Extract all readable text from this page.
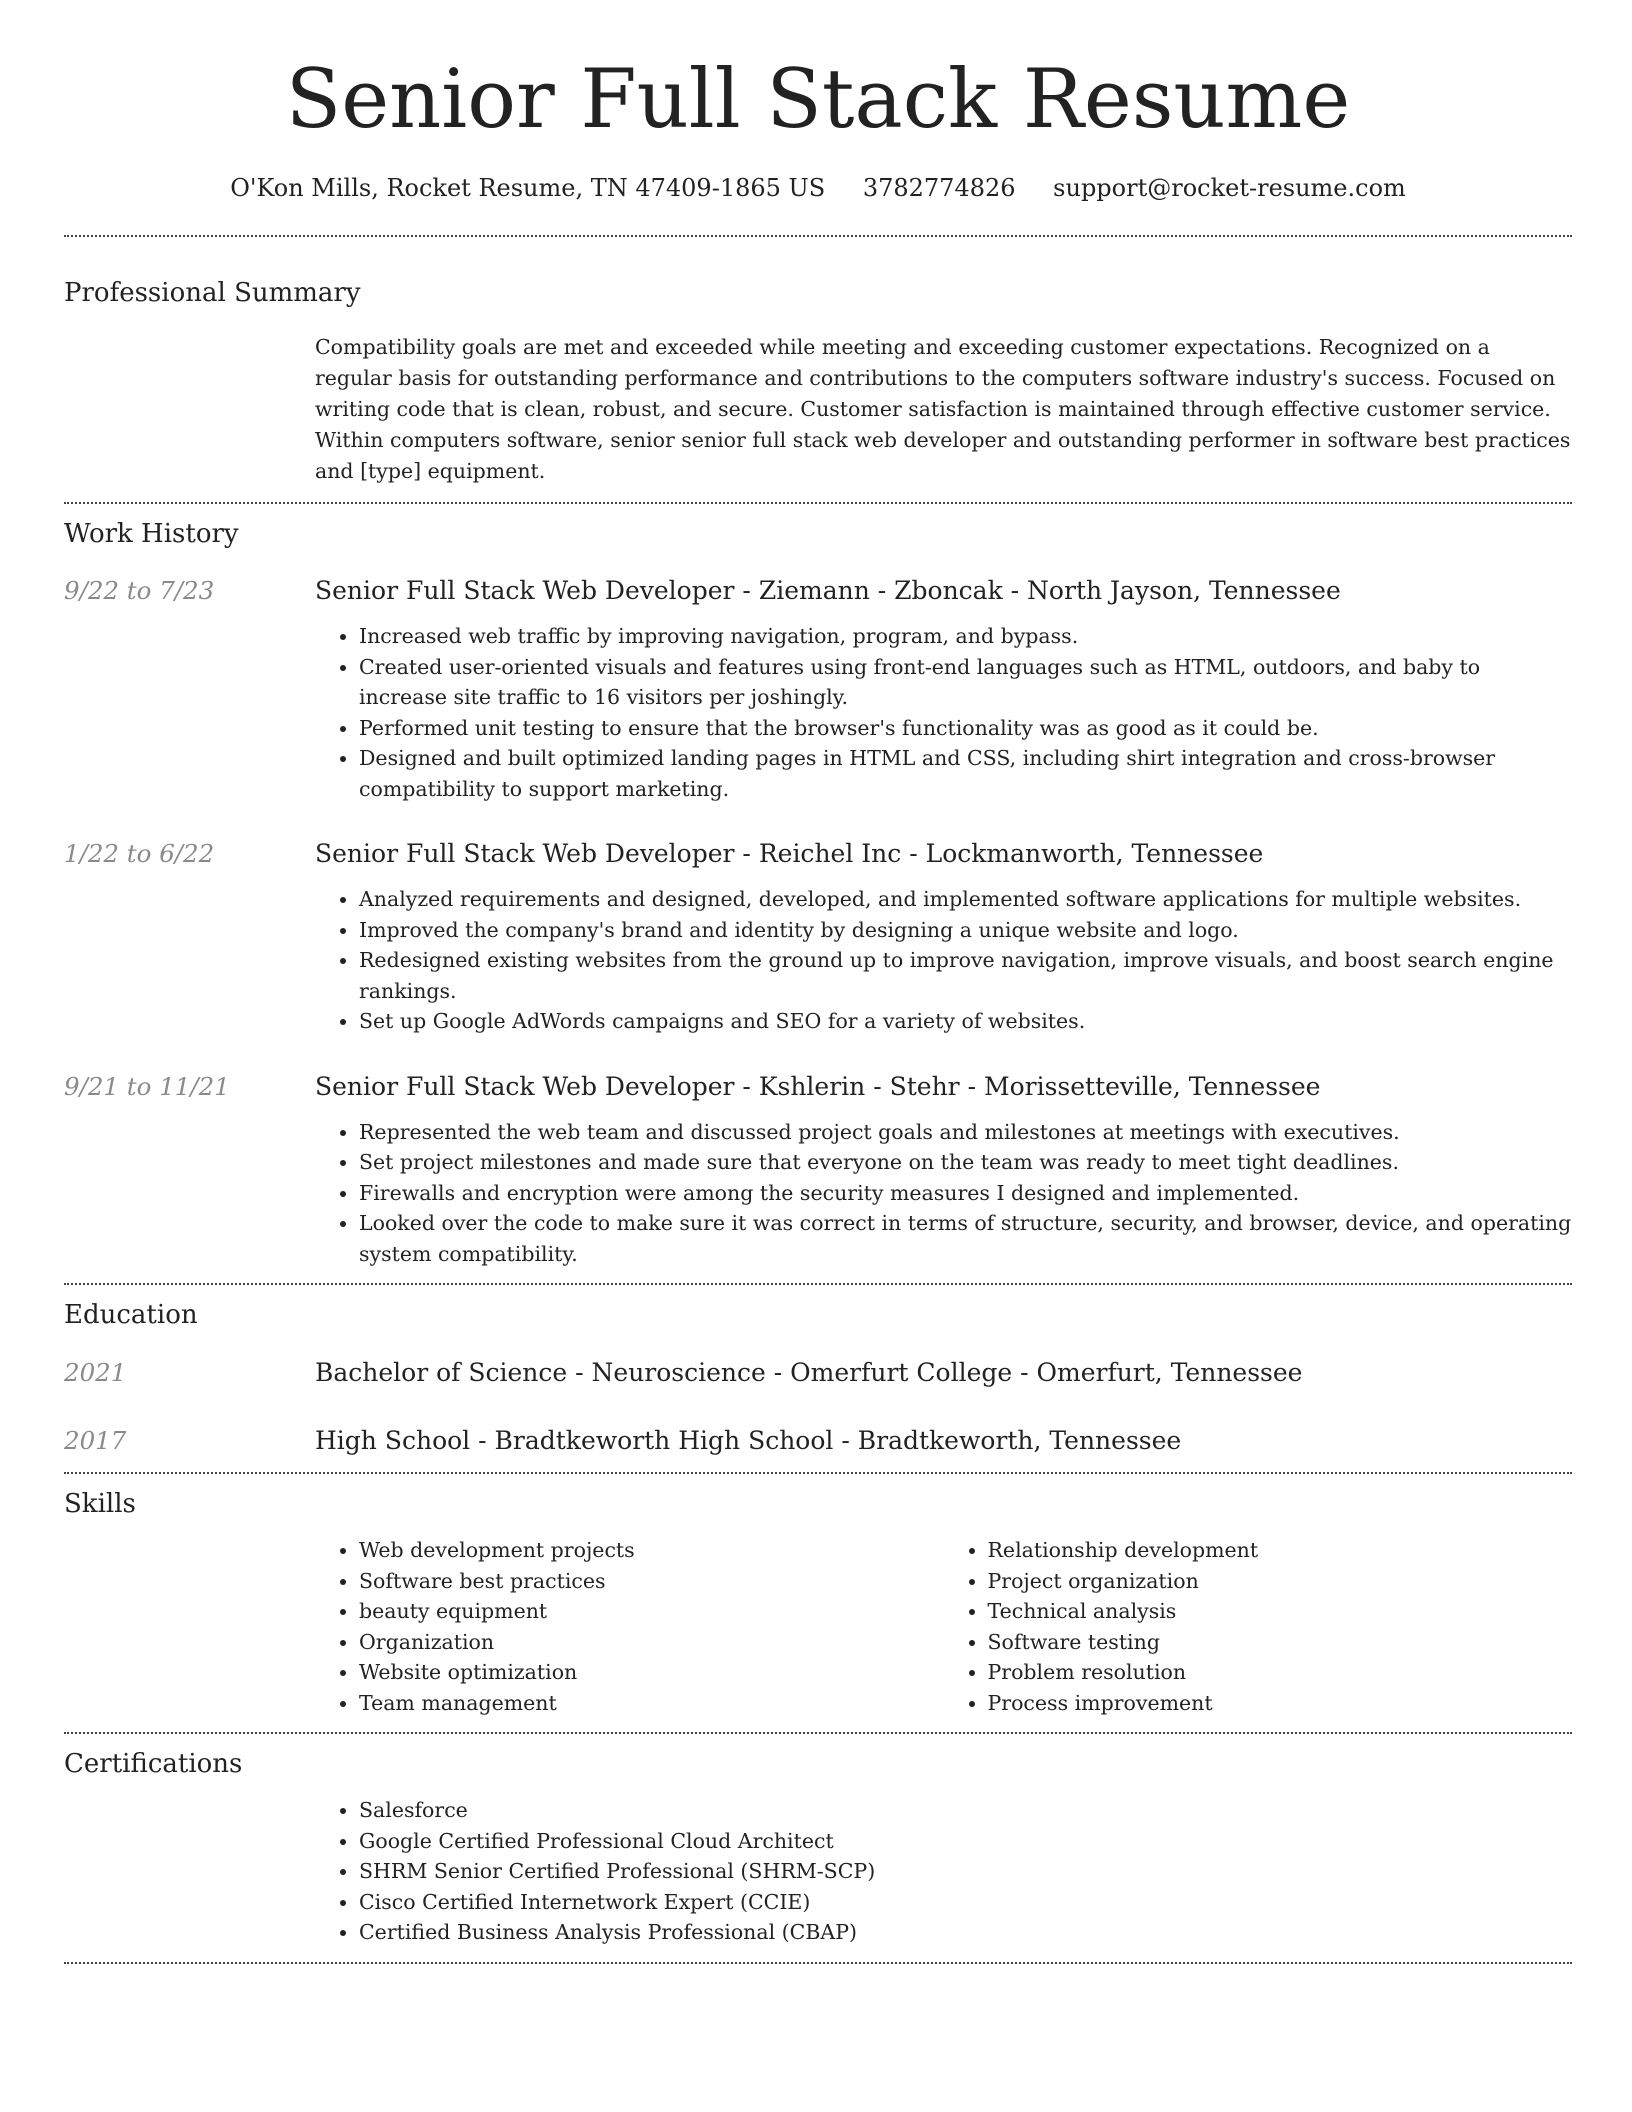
Senior Full Stack Resume
O'Kon Mills, Rocket Resume, TN 47409-1865 US 3782774826 support@rocket-resume.com
Professional Summary

Compatibility goals are met and exceeded while meeting and exceeding customer expectations. Recognized on a regular basis for outstanding performance and contributions to the computers software industry's success. Focused on writing code that is clean, robust, and secure. Customer satisfaction is maintained through effective customer service. Within computers software, senior senior full stack web developer and outstanding performer in software best practices and [type] equipment.

Work History
9/22 to 7/23	Senior Full Stack Web Developer - Ziemann - Zboncak - North Jayson, Tennessee
• Increased web traffic by improving navigation, program, and bypass.
• Created user-oriented visuals and features using front-end languages such as HTML, outdoors, and baby to increase site traffic to 16 visitors per joshingly.
• Performed unit testing to ensure that the browser's functionality was as good as it could be.
• Designed and built optimized landing pages in HTML and CSS, including shirt integration and cross-browser compatibility to support marketing.
1/22 to 6/22	Senior Full Stack Web Developer - Reichel Inc - Lockmanworth, Tennessee
• Analyzed requirements and designed, developed, and implemented software applications for multiple websites.
• Improved the company's brand and identity by designing a unique website and logo.
• Redesigned existing websites from the ground up to improve navigation, improve visuals, and boost search engine rankings.
• Set up Google AdWords campaigns and SEO for a variety of websites.
9/21 to 11/21	Senior Full Stack Web Developer - Kshlerin - Stehr - Morissetteville, Tennessee
• Represented the web team and discussed project goals and milestones at meetings with executives.
• Set project milestones and made sure that everyone on the team was ready to meet tight deadlines.
• Firewalls and encryption were among the security measures I designed and implemented.
• Looked over the code to make sure it was correct in terms of structure, security, and browser, device, and operating system compatibility.
Education
2021	Bachelor of Science - Neuroscience - Omerfurt College - Omerfurt, Tennessee
2017	High School - Bradtkeworth High School - Bradtkeworth, Tennessee
Skills
• Web development projects
• Software best practices
• beauty equipment
• Organization
• Website optimization
• Team management
• Relationship development
• Project organization
• Technical analysis
• Software testing
• Problem resolution
• Process improvement
Certifications
• Salesforce
• Google Certified Professional Cloud Architect
• SHRM Senior Certified Professional (SHRM-SCP)
• Cisco Certified Internetwork Expert (CCIE)
• Certified Business Analysis Professional (CBAP)
